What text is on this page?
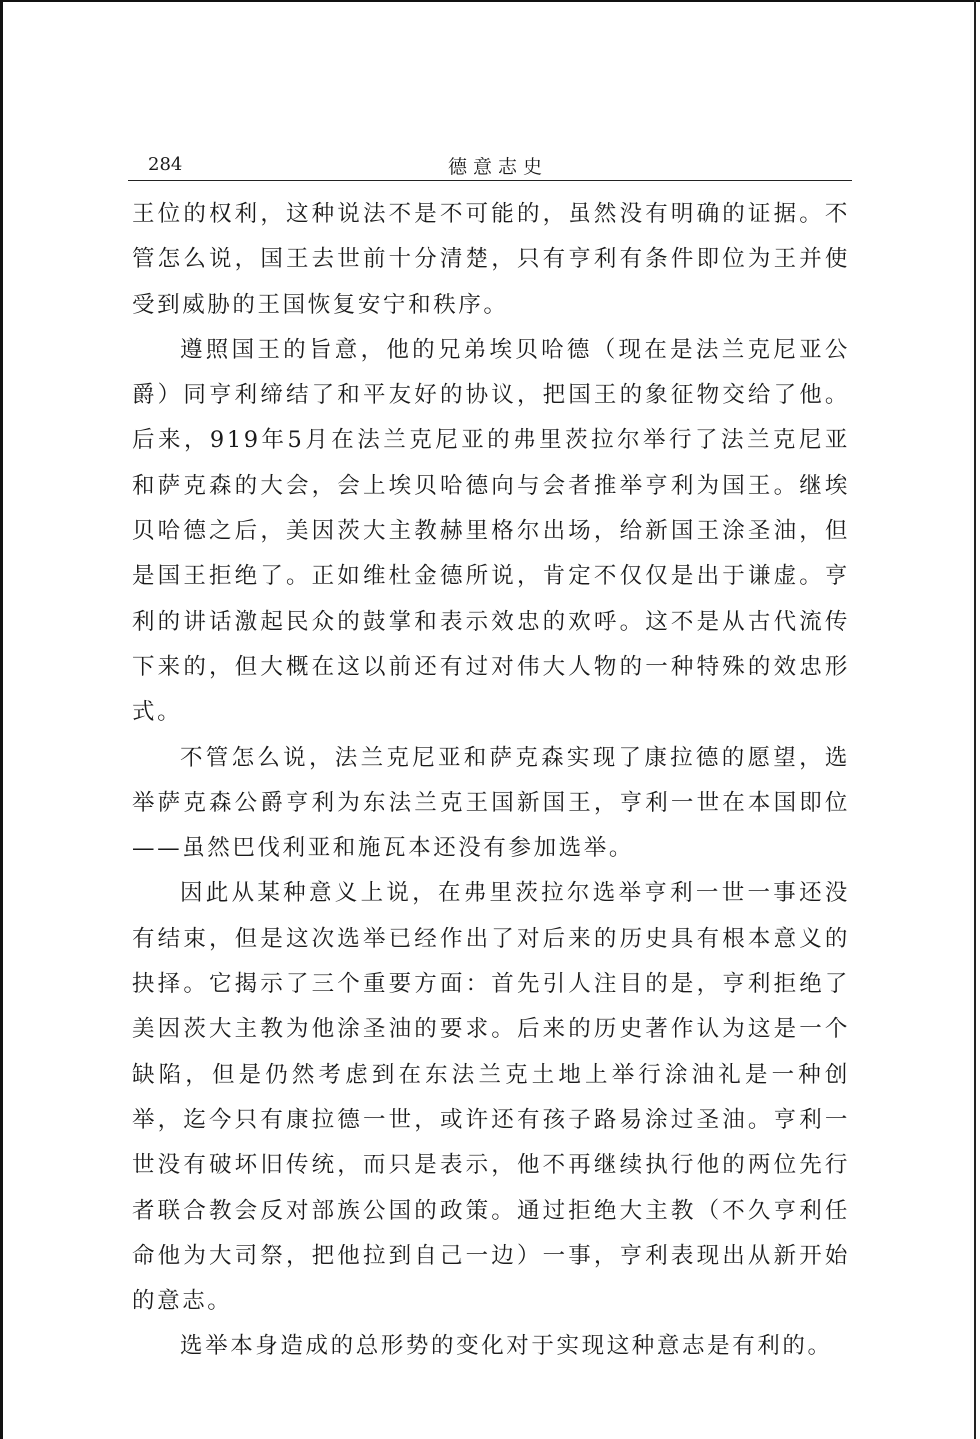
284	德意志史

王位的权利，这种说法不是不可能的，虽然没有明确的证据。不管怎么说，国王去世前十分清楚，只有亨利有条件即位为王并使受到威胁的王国恢复安宁和秩序。

遵照国王的旨意，他的兄弟埃贝哈德（现在是法兰克尼亚公爵）同亨利缔结了和平友好的协议，把国王的象征物交给了他。后来，919年5月在法兰克尼亚的弗里茨拉尔举行了法兰克尼亚和萨克森的大会，会上埃贝哈德向与会者推举亨利为国王。继埃贝哈德之后，美因茨大主教赫里格尔出场，给新国王涂圣油，但是国王拒绝了。正如维杜金德所说，肯定不仅仅是出于谦虚。亨利的讲话激起民众的鼓掌和表示效忠的欢呼。这不是从古代流传下来的，但大概在这以前还有过对伟大人物的一种特殊的效忠形式。

不管怎么说，法兰克尼亚和萨克森实现了康拉德的愿望，选举萨克森公爵亨利为东法兰克王国新国王，亨利一世在本国即位——虽然巴伐利亚和施瓦本还没有参加选举。

因此从某种意义上说，在弗里茨拉尔选举亨利一世一事还没有结束，但是这次选举已经作出了对后来的历史具有根本意义的抉择。它揭示了三个重要方面：首先引人注目的是，亨利拒绝了美因茨大主教为他涂圣油的要求。后来的历史著作认为这是一个缺陷，但是仍然考虑到在东法兰克土地上举行涂油礼是一种创举，迄今只有康拉德一世，或许还有孩子路易涂过圣油。亨利一世没有破坏旧传统，而只是表示，他不再继续执行他的两位先行者联合教会反对部族公国的政策。通过拒绝大主教（不久亨利任命他为大司祭，把他拉到自己一边）一事，亨利表现出从新开始的意志。

选举本身造成的总形势的变化对于实现这种意志是有利的。
